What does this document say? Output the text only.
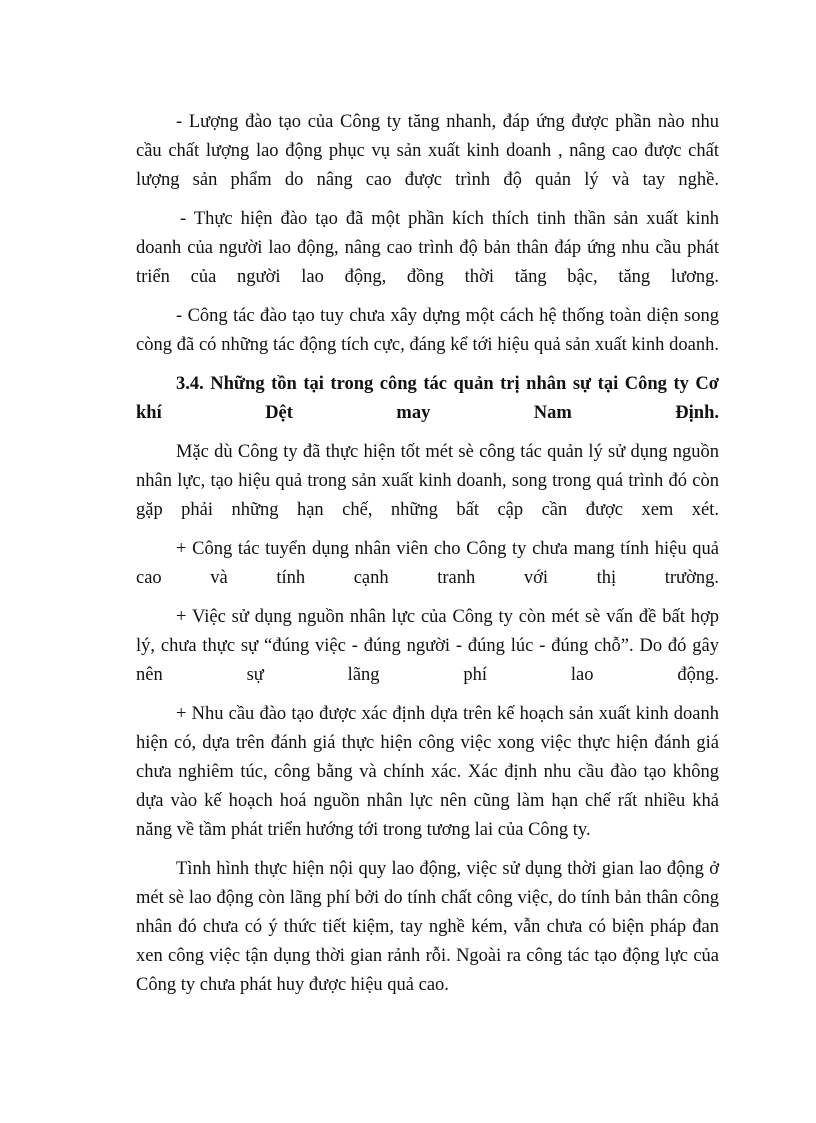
- Lượng đào tạo của Công ty tăng nhanh, đáp ứng được phần nào nhu cầu chất lượng lao động phục vụ sản xuất kinh doanh , nâng cao được chất lượng sản phẩm do nâng cao được trình độ quản lý và tay nghề.

- Thực hiện đào tạo đã một phần kích thích tinh thần sản xuất kinh doanh của người lao động, nâng cao trình độ bản thân đáp ứng nhu cầu phát triển của người lao động, đồng thời tăng bậc, tăng lương.

- Công tác đào tạo tuy chưa xây dựng một cách hệ thống toàn diện song còng đã có những tác động tích cực, đáng kể tới hiệu quả sản xuất kinh doanh.

3.4. Những tồn tại trong công tác quản trị nhân sự tại Công ty Cơ khí Dệt may Nam Định.

Mặc dù Công ty đã thực hiện tốt mét sè công tác quản lý sử dụng nguồn nhân lực, tạo hiệu quả trong sản xuất kinh doanh, song trong quá trình đó còn gặp phải những hạn chế, những bất cập cần được xem xét.

+ Công tác tuyển dụng nhân viên cho Công ty chưa mang tính hiệu quả cao và tính cạnh tranh với thị trường.

+ Việc sử dụng nguồn nhân lực của Công ty còn mét sè vấn đề bất hợp lý, chưa thực sự “đúng việc - đúng người - đúng lúc - đúng chỗ”. Do đó gây nên sự lãng phí lao động.

+ Nhu cầu đào tạo được xác định dựa trên kế hoạch sản xuất kinh doanh hiện có, dựa trên đánh giá thực hiện công việc xong việc thực hiện đánh giá chưa nghiêm túc, công bằng và chính xác. Xác định nhu cầu đào tạo không dựa vào kế hoạch hoá nguồn nhân lực nên cũng làm hạn chế rất nhiều khả năng về tầm phát triển hướng tới trong tương lai của Công ty.

Tình hình thực hiện nội quy lao động, việc sử dụng thời gian lao động ở mét sè lao động còn lãng phí bởi do tính chất công việc, do tính bản thân công nhân đó chưa có ý thức tiết kiệm, tay nghề kém, vẫn chưa có biện pháp đan xen công việc tận dụng thời gian rảnh rỗi. Ngoài ra công tác tạo động lực của Công ty chưa phát huy được hiệu quả cao.
